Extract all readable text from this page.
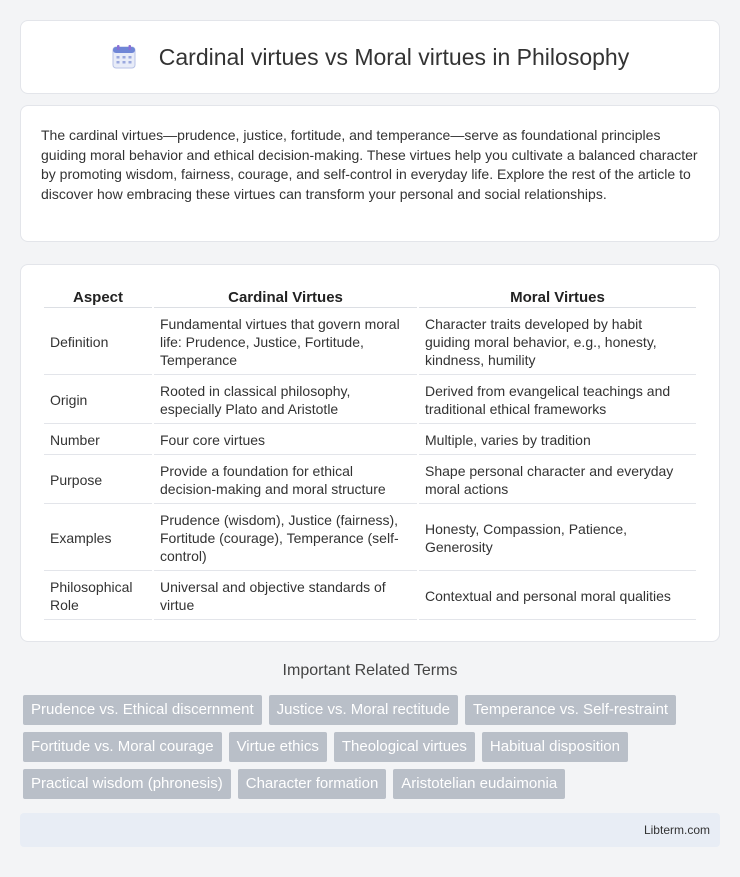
Cardinal virtues vs Moral virtues in Philosophy

The cardinal virtues—prudence, justice, fortitude, and temperance—serve as foundational principles guiding moral behavior and ethical decision-making. These virtues help you cultivate a balanced character by promoting wisdom, fairness, courage, and self-control in everyday life. Explore the rest of the article to discover how embracing these virtues can transform your personal and social relationships.

Aspect	Cardinal Virtues	Moral Virtues
Definition	Fundamental virtues that govern moral life: Prudence, Justice, Fortitude, Temperance	Character traits developed by habit guiding moral behavior, e.g., honesty, kindness, humility
Origin	Rooted in classical philosophy, especially Plato and Aristotle	Derived from evangelical teachings and traditional ethical frameworks
Number	Four core virtues	Multiple, varies by tradition
Purpose	Provide a foundation for ethical decision-making and moral structure	Shape personal character and everyday moral actions
Examples	Prudence (wisdom), Justice (fairness), Fortitude (courage), Temperance (self-control)	Honesty, Compassion, Patience, Generosity
Philosophical Role	Universal and objective standards of virtue	Contextual and personal moral qualities
Important Related Terms
Prudence vs. Ethical discernment	Justice vs. Moral rectitude	Temperance vs. Self-restraint
Fortitude vs. Moral courage	Virtue ethics	Theological virtues	Habitual disposition
Practical wisdom (phronesis)	Character formation	Aristotelian eudaimonia
Libterm.com
